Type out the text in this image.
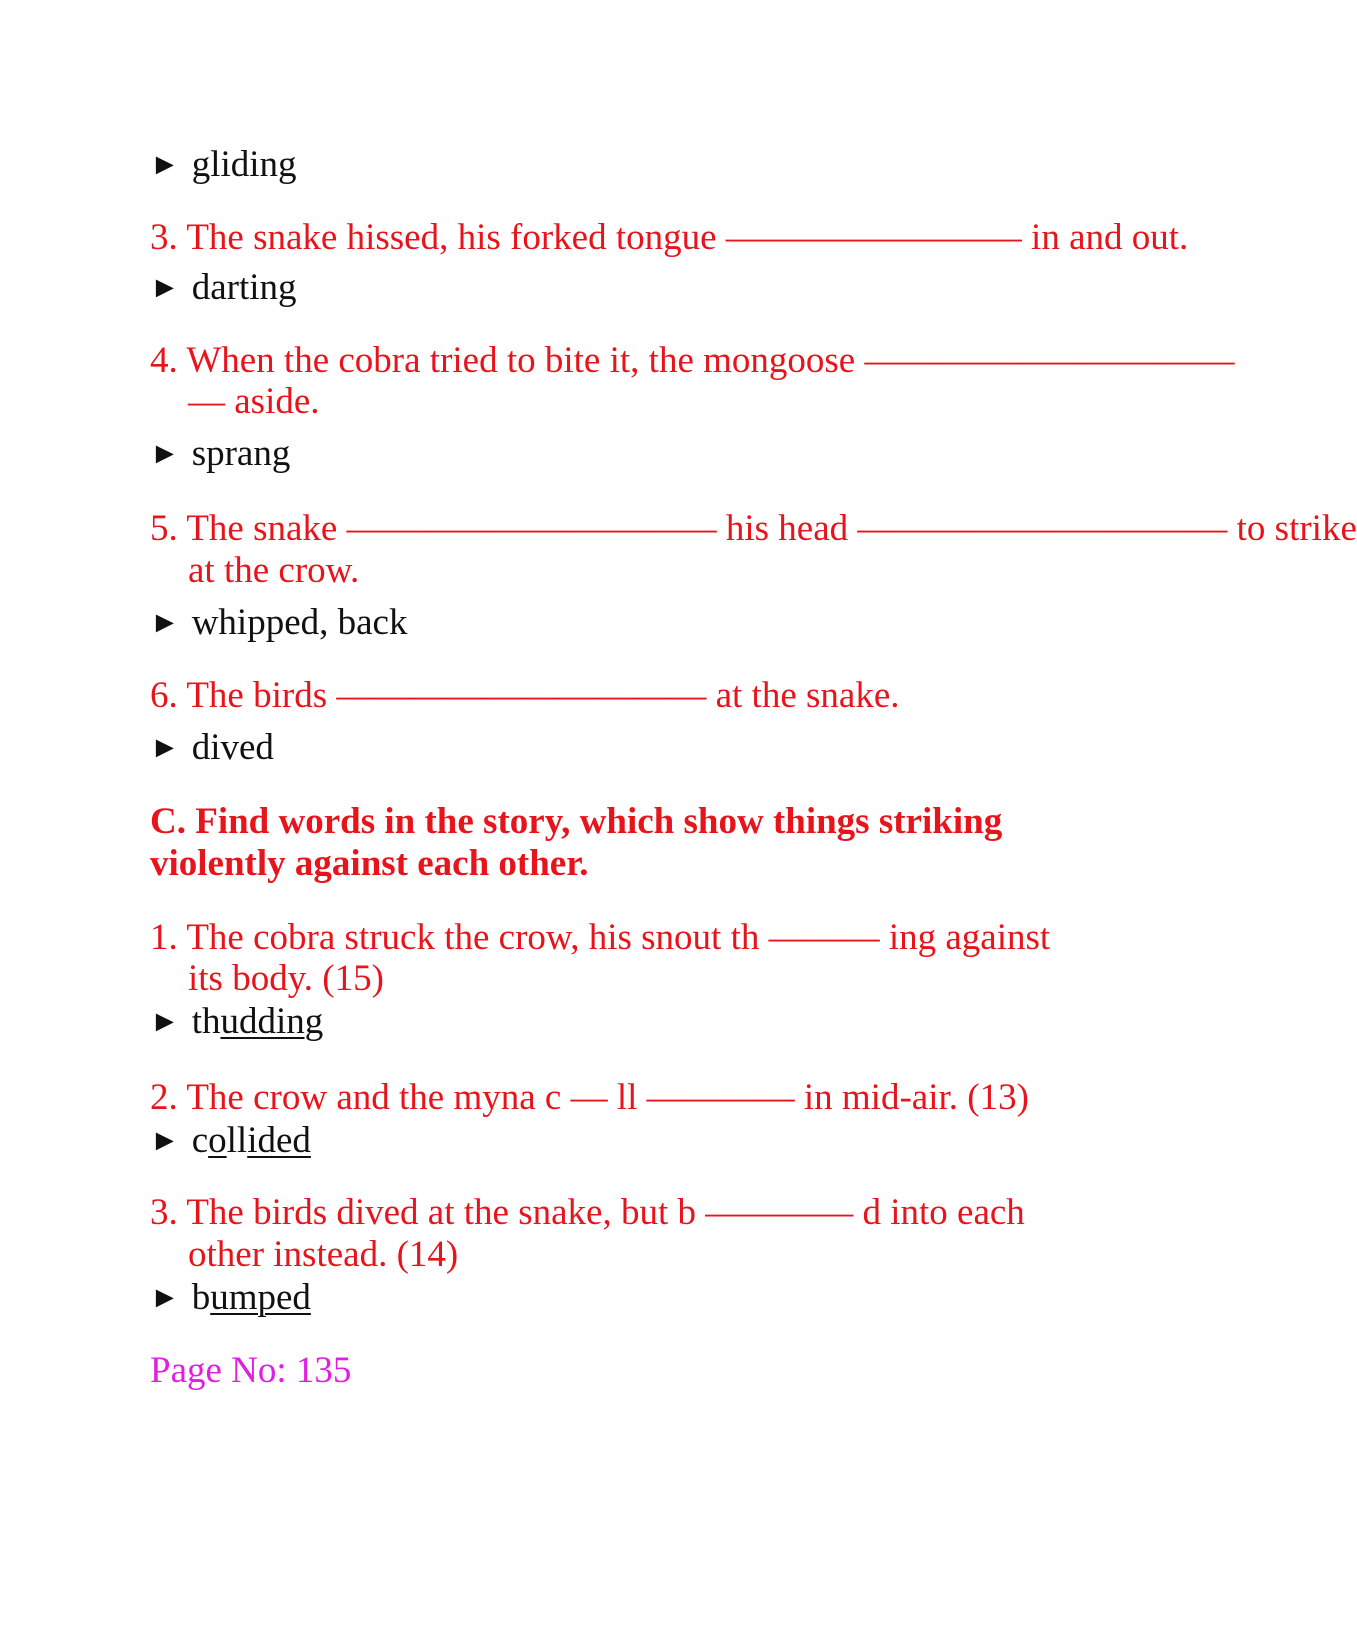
► gliding

3. The snake hissed, his forked tongue ———————— in and out.

► darting

4. When the cobra tried to bite it, the mongoose ——————————

— aside.

► sprang

5. The snake —————————— his head —————————— to strike

at the crow.

► whipped, back

6. The birds —————————— at the snake.

► dived

C. Find words in the story, which show things striking

violently against each other.

1. The cobra struck the crow, his snout th ——— ing against

its body. (15)

► thudding

2. The crow and the myna c — ll ———— in mid-air. (13)

► collided

3. The birds dived at the snake, but b ———— d into each

other instead. (14)

► bumped

Page No: 135
